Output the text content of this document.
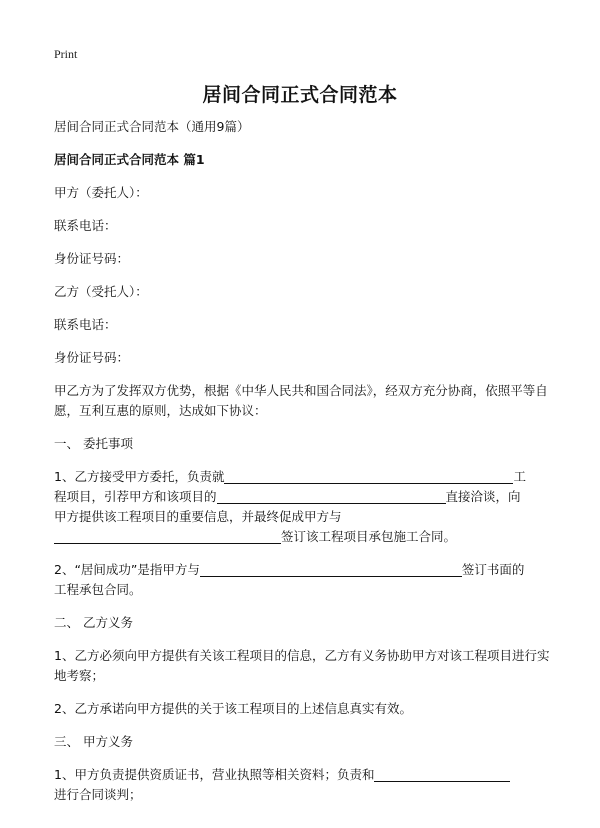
Print
居间合同正式合同范本

居间合同正式合同范本（通用9篇）

居间合同正式合同范本 篇1

甲方（委托人）：

联系电话：

身份证号码：

乙方（受托人）：

联系电话：

身份证号码：

甲乙方为了发挥双方优势，根据《中华人民共和国合同法》，经双方充分协商，依照平等自愿，互利互惠的原则，达成如下协议：

一、 委托事项

1、乙方接受甲方委托，负责就	工
程项目，引荐甲方和该项目的	直接洽谈，向
甲方提供该工程项目的重要信息，并最终促成甲方与
签订该工程项目承包施工合同。
2、“居间成功”是指甲方与	签订书面的
工程承包合同。

二、 乙方义务

1、乙方必须向甲方提供有关该工程项目的信息，乙方有义务协助甲方对该工程项目进行实地考察；

2、乙方承诺向甲方提供的关于该工程项目的上述信息真实有效。

三、 甲方义务

1、甲方负责提供资质证书，营业执照等相关资料；负责和
进行合同谈判；
